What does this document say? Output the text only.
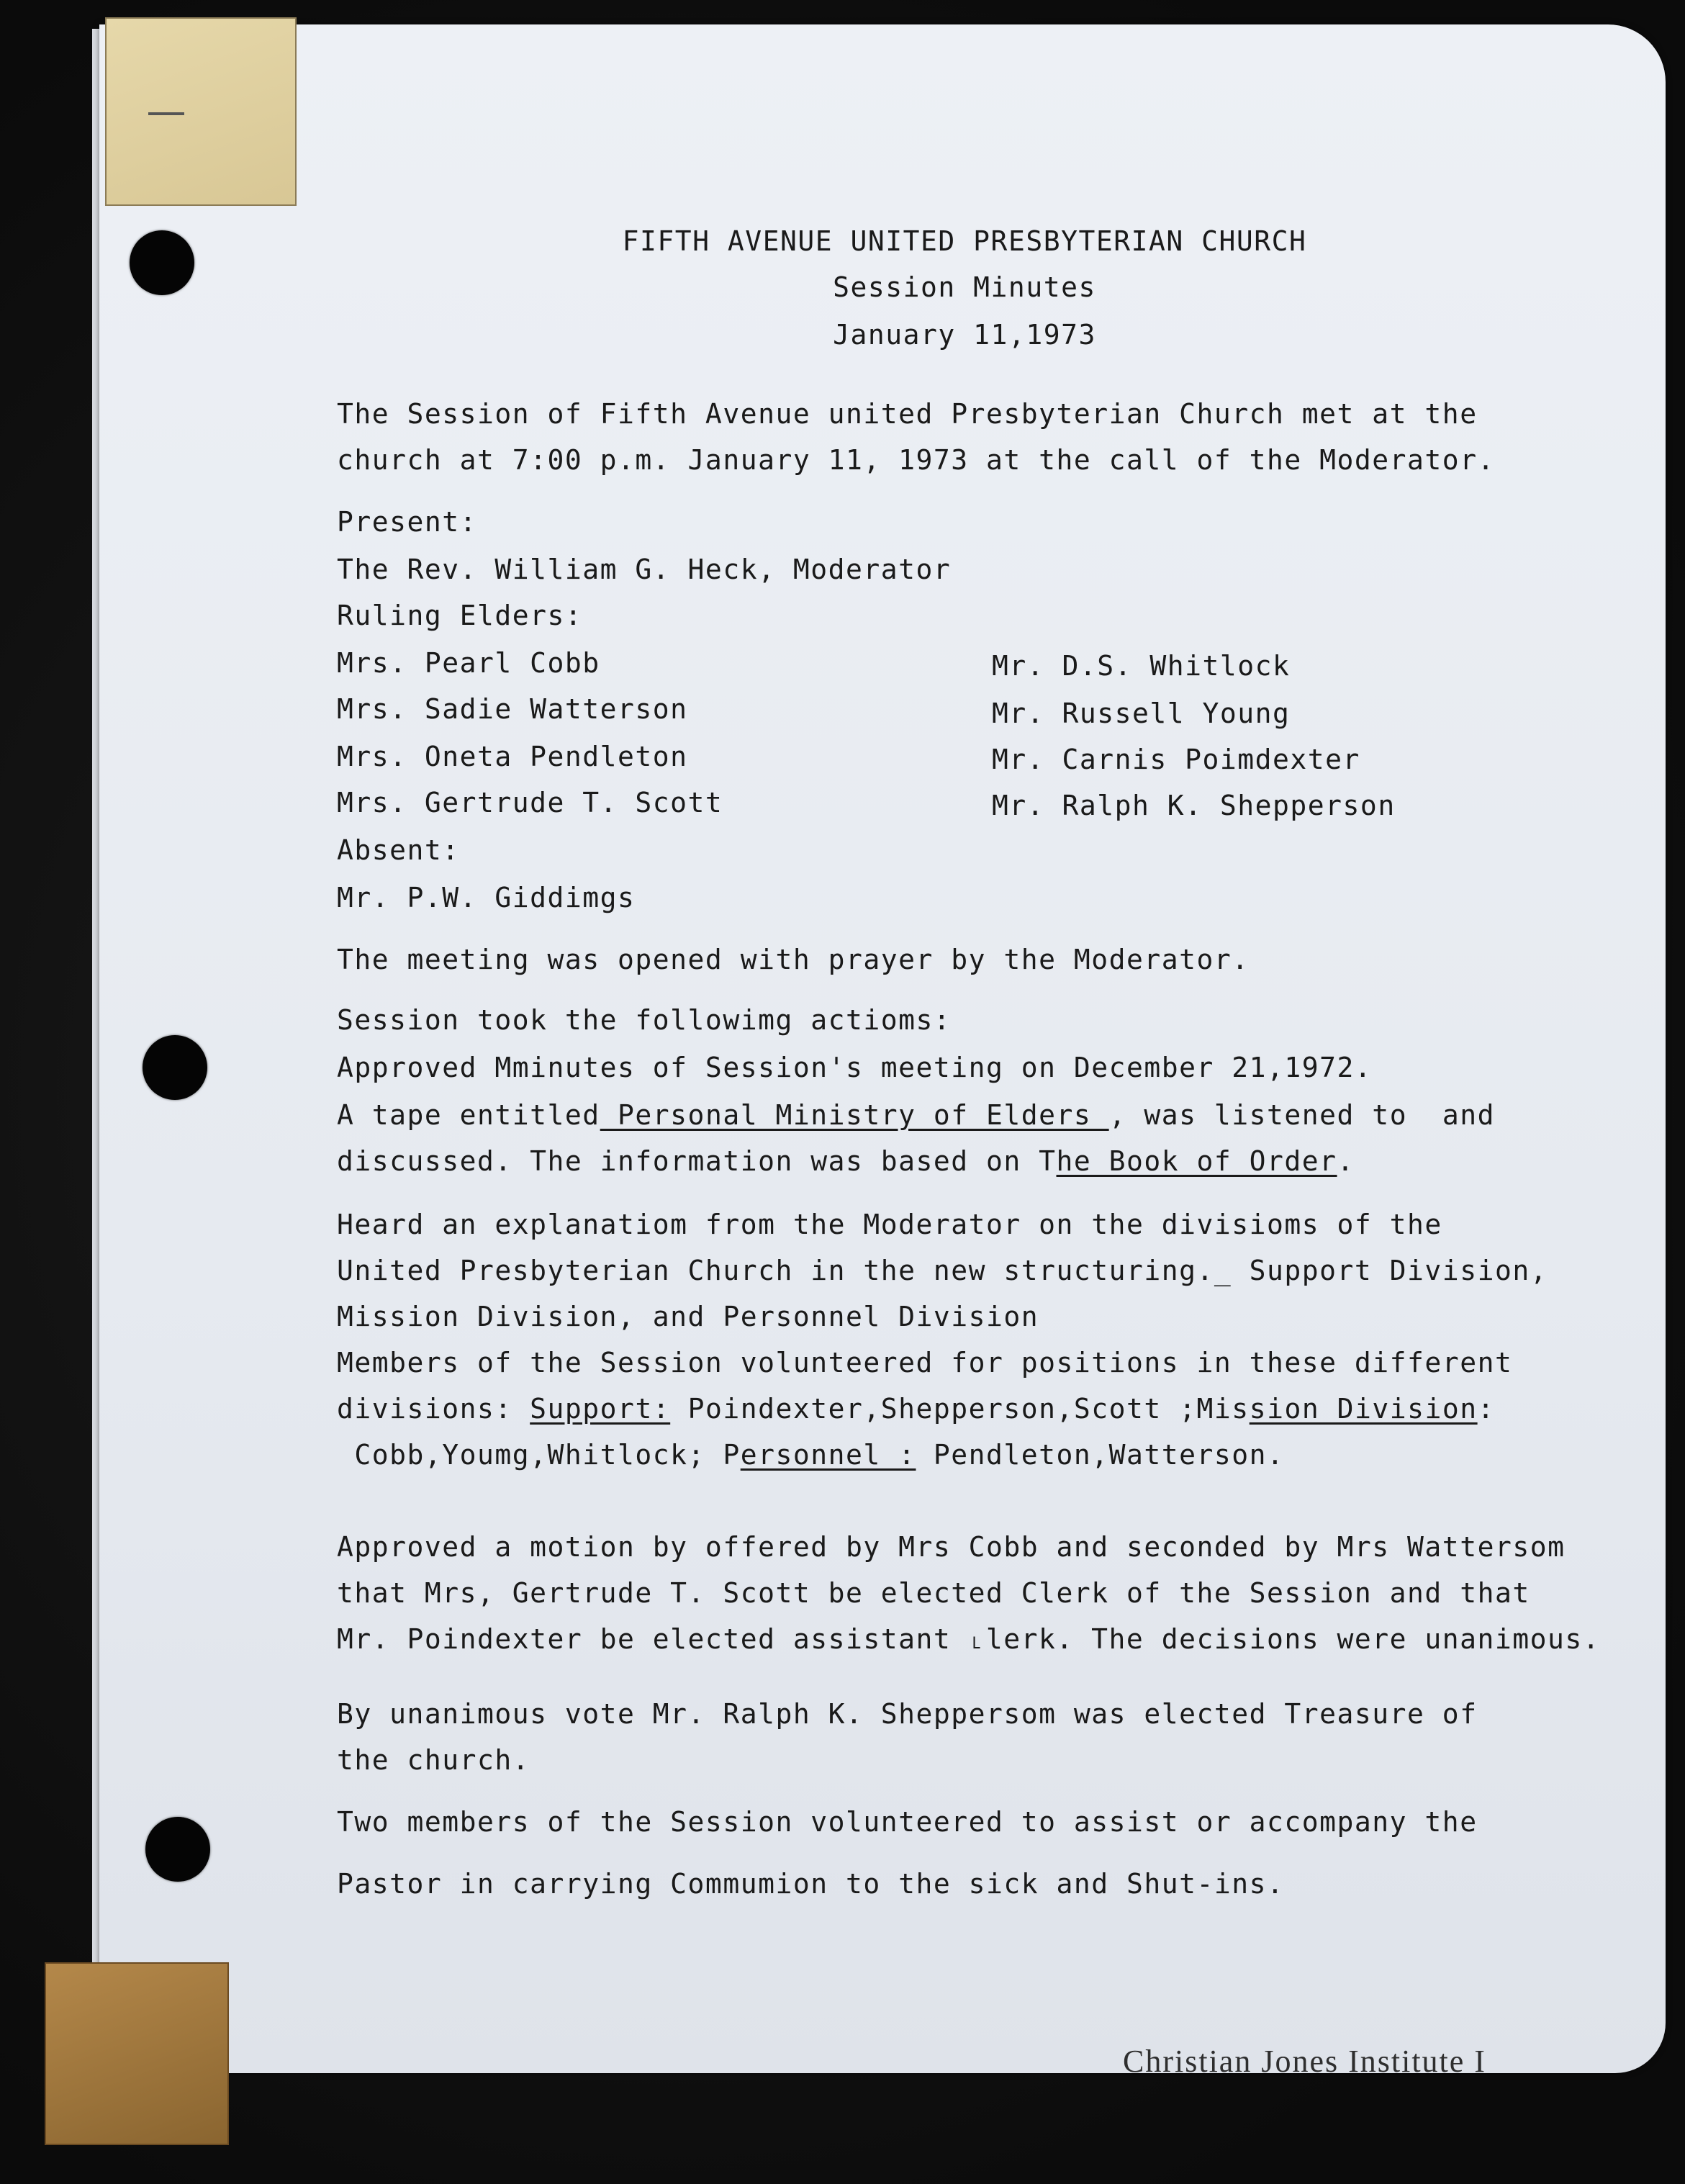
FIFTH AVENUE UNITED PRESBYTERIAN CHURCH
Session Minutes
January 11,1973
The Session of Fifth Avenue united Presbyterian Church met at the
church at 7:00 p.m. January 11, 1973 at the call of the Moderator.
Present:
The Rev. William G. Heck, Moderator
Ruling Elders:
Mrs. Pearl Cobb
Mrs. Sadie Watterson
Mrs. Oneta Pendleton
Mrs. Gertrude T. Scott
Mr. D.S. Whitlock
Mr. Russell Young
Mr. Carnis Poimdexter
Mr. Ralph K. Shepperson
Absent:
Mr. P.W. Giddimgs
The meeting was opened with prayer by the Moderator.
Session took the followimg actioms:
Approved Mminutes of Session's meeting on December 21,1972.
A tape entitled Personal Ministry of Elders , was listened to  and
discussed. The information was based on The Book of Order.
Heard an explanatiom from the Moderator on the divisioms of the
United Presbyterian Church in the new structuring._ Support Division,
Mission Division, and Personnel Division
Members of the Session volunteered for positions in these different
divisions: Support: Poindexter,Shepperson,Scott ;Mission Division:
Cobb,Youmg,Whitlock; Personnel : Pendleton,Watterson.
Approved a motion by offered by Mrs Cobb and seconded by Mrs Wattersom
that Mrs, Gertrude T. Scott be elected Clerk of the Session and that
Mr. Poindexter be elected assistant ˪lerk. The decisions were unanimous.
By unanimous vote Mr. Ralph K. Sheppersom was elected Treasure of
the church.
Two members of the Session volunteered to assist or accompany the
Pastor in carrying Commumion to the sick and Shut-ins.
Christian Jones Institute I
